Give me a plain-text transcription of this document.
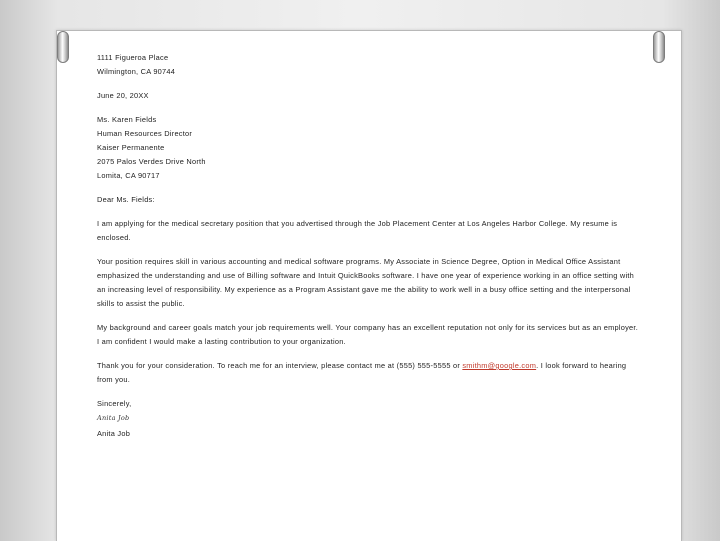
1111 Figueroa Place
Wilmington, CA 90744
June 20, 20XX
Ms. Karen Fields
Human Resources Director
Kaiser Permanente
2075 Palos Verdes Drive North
Lomita, CA 90717
Dear Ms. Fields:
I am applying for the medical secretary position that you advertised through the Job Placement Center at Los Angeles Harbor College. My resume is enclosed.
Your position requires skill in various accounting and medical software programs. My Associate in Science Degree, Option in Medical Office Assistant emphasized the understanding and use of Billing software and Intuit QuickBooks software. I have one year of experience working in an office setting with an increasing level of responsibility. My experience as a Program Assistant gave me the ability to work well in a busy office setting and the interpersonal skills to assist the public.
My background and career goals match your job requirements well. Your company has an excellent reputation not only for its services but as an employer. I am confident I would make a lasting contribution to your organization.
Thank you for your consideration. To reach me for an interview, please contact me at (555) 555-5555 or smithm@google.com. I look forward to hearing from you.
Sincerely,
Anita Job
Anita Job
